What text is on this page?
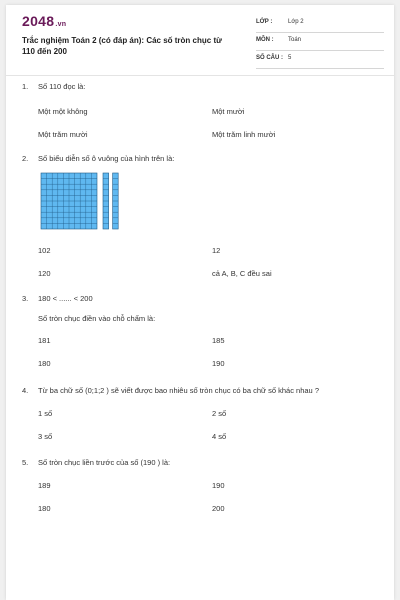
2048.vn
Trắc nghiệm Toán 2 (có đáp án): Các số tròn chục từ 110 đến 200
LỚP :	Lớp 2
MÔN : Toán
SỐ CÂU : 5
1. Số 110 đọc là:
Một một không	Một mười
Một trăm mười	Một trăm linh mười
2. Số biểu diễn số ô vuông của hình trên là:
102	12
120	cả A, B, C đều sai
3. 180 < ...... < 200
Số tròn chục điền vào chỗ chấm là:
181	185
180	190
4. Từ ba chữ số (0;1;2 ) sẽ viết được bao nhiêu số tròn chục có ba chữ số khác nhau ?
1 số	2 số
3 số	4 số
5. Số tròn chục liền trước của số (190 ) là:
189	190
180	200
